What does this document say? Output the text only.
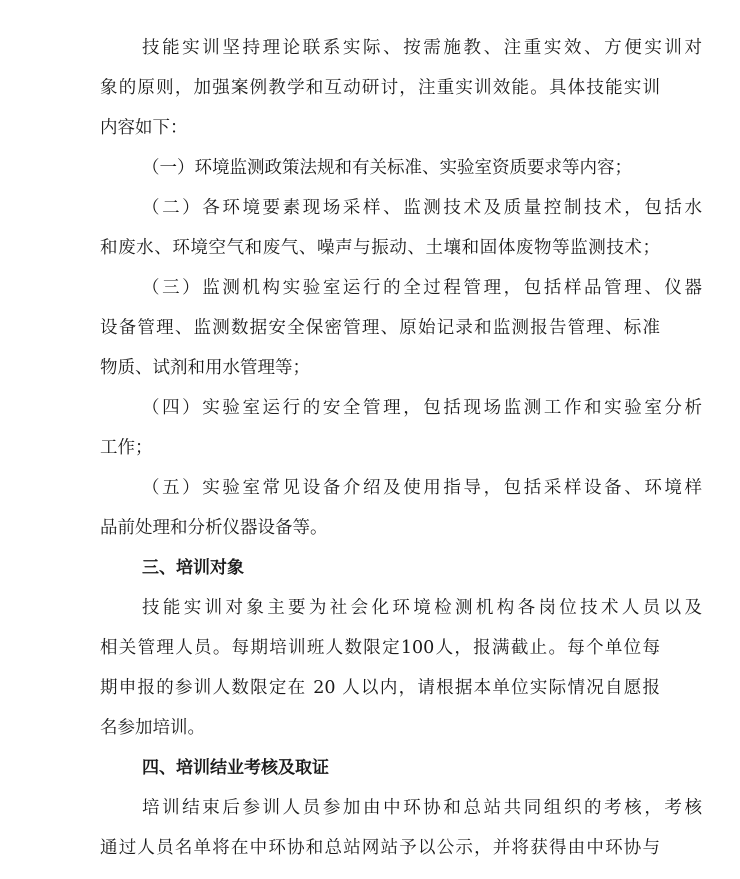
技能实训坚持理论联系实际、按需施教、注重实效、方便实训对
象的原则，加强案例教学和互动研讨，注重实训效能。具体技能实训
内容如下：
（一）环境监测政策法规和有关标准、实验室资质要求等内容；
（二）各环境要素现场采样、监测技术及质量控制技术，包括水
和废水、环境空气和废气、噪声与振动、土壤和固体废物等监测技术；
（三）监测机构实验室运行的全过程管理，包括样品管理、仪器
设备管理、监测数据安全保密管理、原始记录和监测报告管理、标准
物质、试剂和用水管理等；
（四）实验室运行的安全管理，包括现场监测工作和实验室分析
工作；
（五）实验室常见设备介绍及使用指导，包括采样设备、环境样
品前处理和分析仪器设备等。
三、培训对象
技能实训对象主要为社会化环境检测机构各岗位技术人员以及
相关管理人员。每期培训班人数限定100人，报满截止。每个单位每
期申报的参训人数限定在 20 人以内，请根据本单位实际情况自愿报
名参加培训。
四、培训结业考核及取证
培训结束后参训人员参加由中环协和总站共同组织的考核，考核
通过人员名单将在中环协和总站网站予以公示，并将获得由中环协与
